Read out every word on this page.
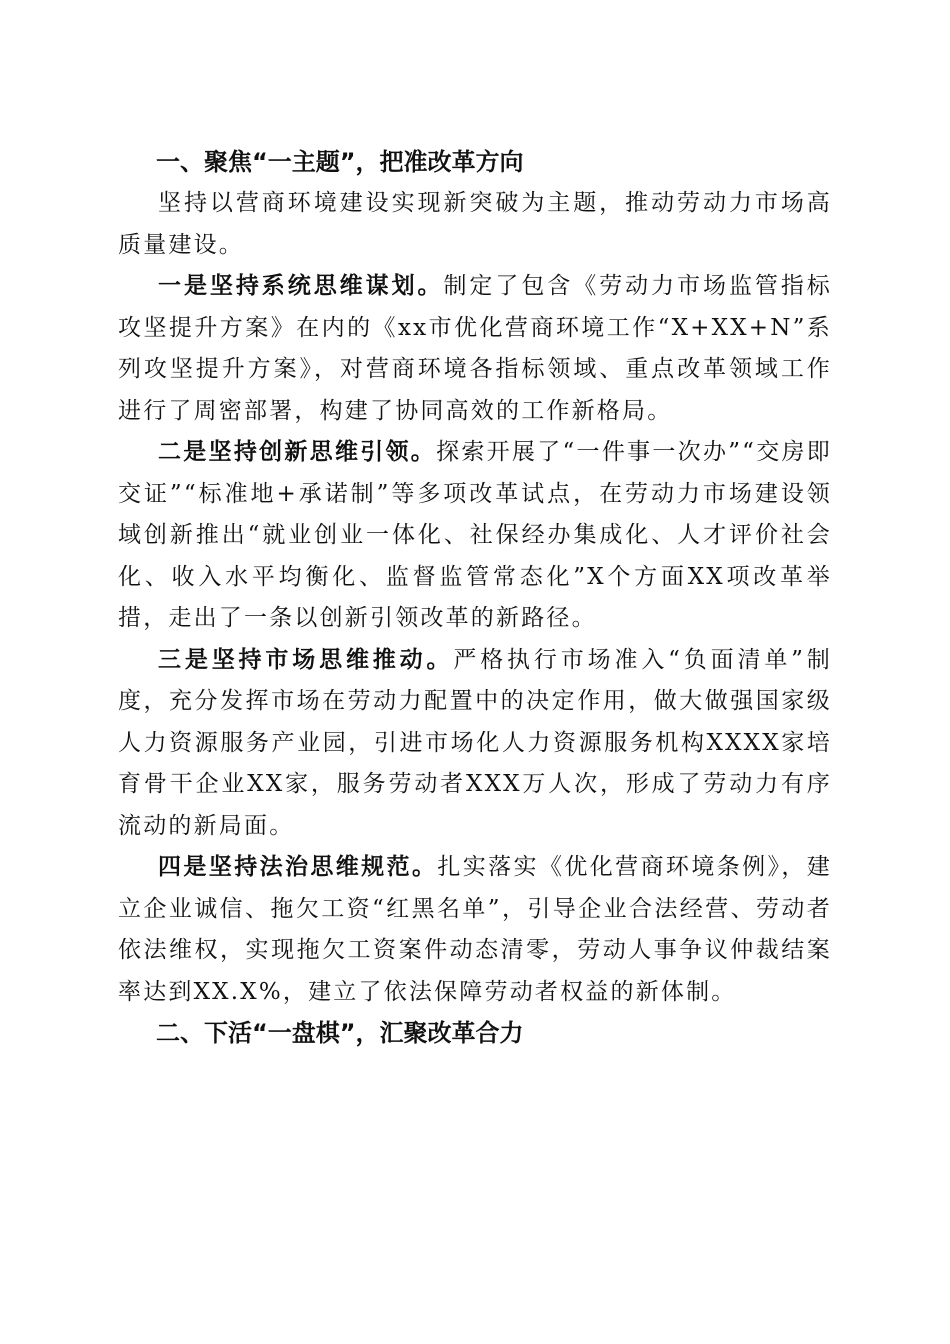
一、聚焦“一主题”，把准改革方向

坚持以营商环境建设实现新突破为主题，推动劳动力市场高质量建设。

一是坚持系统思维谋划。制定了包含《劳动力市场监管指标攻坚提升方案》在内的《xx市优化营商环境工作“X+XX+N”系列攻坚提升方案》，对营商环境各指标领域、重点改革领域工作进行了周密部署，构建了协同高效的工作新格局。

二是坚持创新思维引领。探索开展了“一件事一次办”“交房即交证”“标准地+承诺制”等多项改革试点，在劳动力市场建设领域创新推出“就业创业一体化、社保经办集成化、人才评价社会化、收入水平均衡化、监督监管常态化”X个方面XX项改革举措，走出了一条以创新引领改革的新路径。

三是坚持市场思维推动。严格执行市场准入“负面清单”制度，充分发挥市场在劳动力配置中的决定作用，做大做强国家级人力资源服务产业园，引进市场化人力资源服务机构XXXX家培育骨干企业XX家，服务劳动者XXX万人次，形成了劳动力有序流动的新局面。

四是坚持法治思维规范。扎实落实《优化营商环境条例》，建立企业诚信、拖欠工资“红黑名单”，引导企业合法经营、劳动者依法维权，实现拖欠工资案件动态清零，劳动人事争议仲裁结案率达到XX.X%，建立了依法保障劳动者权益的新体制。

二、下活“一盘棋”，汇聚改革合力
